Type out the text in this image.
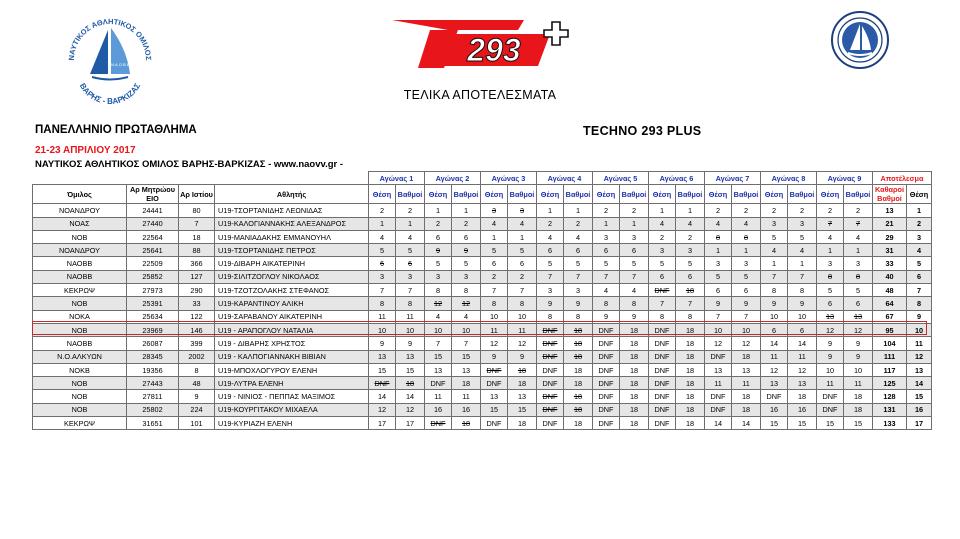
ΝΑΥΤΙΚΟΣ ΑΘΛΗΤΙΚΟΣ ΟΜΙΛΟΣ
ΒΑΡΗΣ - ΒΑΡΚΙΖΑΣ
Ν.Α.Ο.Β.Β.	293
ΤΕΛΙΚΑ ΑΠΟΤΕΛΕΣΜΑΤΑ
ΠΑΝΕΛΛΗΝΙΟ ΠΡΩΤΑΘΛΗΜΑ	TECHNO 293 PLUS
21-23 ΑΠΡΙΛΙΟΥ 2017
ΝΑΥΤΙΚΟΣ ΑΘΛΗΤΙΚΟΣ ΟΜΙΛΟΣ ΒΑΡΗΣ-ΒΑΡΚΙΖΑΣ - www.naovv.gr -
				Αγώνας 1		Αγώνας 2		Αγώνας 3		Αγώνας 4		Αγώνας 5		Αγώνας 6		Αγώνας 7		Αγώνας 8		Αγώνας 9		Αποτέλεσμα	
Όμιλος	Αρ Μητρώου ΕΙΟ	Αρ Ιστίου	Αθλητής	Θέση	Βαθμοί	Θέση	Βαθμοί	Θέση	Βαθμοί	Θέση	Βαθμοί	Θέση	Βαθμοί	Θέση	Βαθμοί	Θέση	Βαθμοί	Θέση	Βαθμοί	Θέση	Βαθμοί	Καθαροί Βαθμοί	Θέση
ΝΟΑΝΔΡΟΥ	24441	80	U19-ΤΣΟΡΤΑΝΙΔΗΣ ΛΕΩΝΙΔΑΣ	2	2	1	1	3	3	1	1	2	2	1	1	2	2	2	2	2	2	13	1
ΝΟΑΣ	27440	7	U19-ΚΑΛΟΓΙΑΝΝΑΚΗΣ ΑΛΕΞΑΝΔΡΟΣ	1	1	2	2	4	4	2	2	1	1	4	4	4	4	3	3	7	7	21	2
ΝΟΒ	22564	18	U19-ΜΑΝΙΑΔΑΚΗΣ ΕΜΜΑΝΟΥΗΛ	4	4	6	6	1	1	4	4	3	3	2	2	8	8	5	5	4	4	29	3
ΝΟΑΝΔΡΟΥ	25641	88	U19-ΤΣΟΡΤΑΝΙΔΗΣ ΠΕΤΡΟΣ	5	5	9	9	5	5	6	6	6	6	3	3	1	1	4	4	1	1	31	4
ΝΑΟΒΒ	22509	366	U19-ΔΙΒΑΡΗ ΑΙΚΑΤΕΡΙΝΗ	6	6	5	5	6	6	5	5	5	5	5	5	3	3	1	1	3	3	33	5
ΝΑΟΒΒ	25852	127	U19-ΣΙΛΙΤΖΟΓΛΟΥ ΝΙΚΟΛΑΟΣ	3	3	3	3	2	2	7	7	7	7	6	6	5	5	7	7	8	8	40	6
ΚΕΚΡΩΨ	27973	290	U19-ΤΖΟΤΖΟΛΑΚΗΣ ΣΤΕΦΑΝΟΣ	7	7	8	8	7	7	3	3	4	4	DNF	18	6	6	8	8	5	5	48	7
ΝΟΒ	25391	33	U19-ΚΑΡΑΝΤΙΝΟΥ ΑΛΙΚΗ	8	8	12	12	8	8	9	9	8	8	7	7	9	9	9	9	6	6	64	8
ΝΟΚΑ	25634	122	U19-ΣΑΡΑΒΑΝΟΥ ΑΙΚΑΤΕΡΙΝΗ	11	11	4	4	10	10	8	8	9	9	8	8	7	7	10	10	13	13	67	9
ΝΟΒ	23969	146	U19 - ΑΡΑΠΟΓΛΟΥ ΝΑΤΑΛΙΑ	10	10	10	10	11	11	DNF	18	DNF	18	DNF	18	10	10	6	6	12	12	95	10
ΝΑΟΒΒ	26087	399	U19 - ΔΙΒΑΡΗΣ ΧΡΗΣΤΟΣ	9	9	7	7	12	12	DNF	18	DNF	18	DNF	18	12	12	14	14	9	9	104	11
Ν.Ο.ΑΛΚΥΩΝ	28345	2002	U19 - ΚΑΛΠΟΓΙΑΝΝΑΚΗ ΒΙΒΙΑΝ	13	13	15	15	9	9	DNF	18	DNF	18	DNF	18	DNF	18	11	11	9	9	111	12
ΝΟΚΒ	19356	8	U19-ΜΠΟΧΛΟΓΥΡΟΥ ΕΛΕΝΗ	15	15	13	13	DNF	18	DNF	18	DNF	18	DNF	18	13	13	12	12	10	10	117	13
ΝΟΒ	27443	48	U19-ΛΥΤΡΑ ΕΛΕΝΗ	DNF	18	DNF	18	DNF	18	DNF	18	DNF	18	DNF	18	11	11	13	13	11	11	125	14
ΝΟΒ	27811	9	U19 - ΝΙΝΙΟΣ - ΠΕΠΠΑΣ ΜΑΞΙΜΟΣ	14	14	11	11	13	13	DNF	18	DNF	18	DNF	18	DNF	18	DNF	18	DNF	18	128	15
ΝΟΒ	25802	224	U19-ΚΟΥΡΓΙΤΑΚΟΥ ΜΙΧΑΕΛΑ	12	12	16	16	15	15	DNF	18	DNF	18	DNF	18	DNF	18	16	16	DNF	18	131	16
ΚΕΚΡΩΨ	31651	101	U19-ΚΥΡΙΑΖΗ ΕΛΕΝΗ	17	17	DNF	18	DNF	18	DNF	18	DNF	18	DNF	18	14	14	15	15	15	15	133	17
